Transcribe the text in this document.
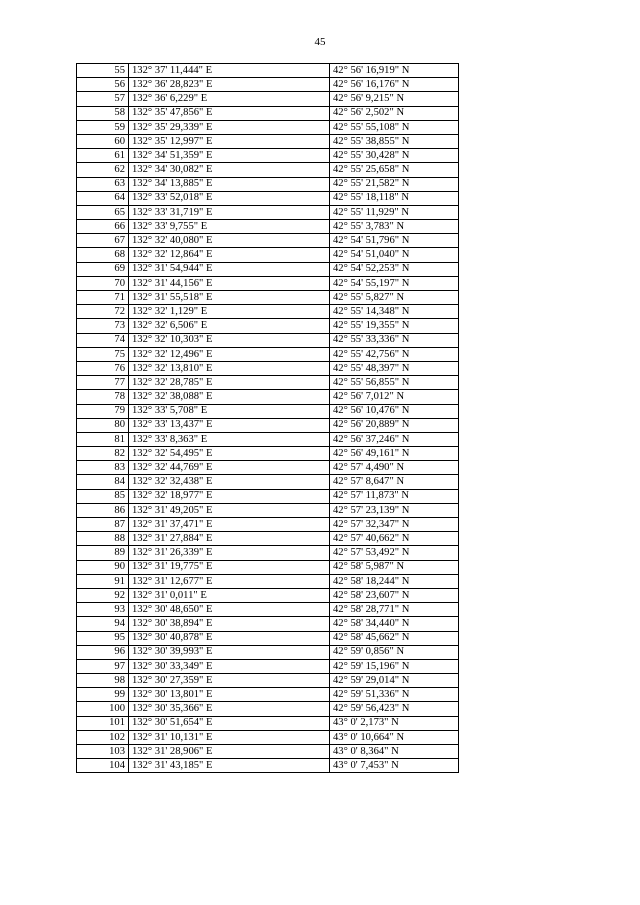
45
55	132° 37' 11,444" E	42° 56' 16,919" N
56	132° 36' 28,823" E	42° 56' 16,176" N
57	132° 36' 6,229" E	42° 56' 9,215" N
58	132° 35' 47,856" E	42° 56' 2,502" N
59	132° 35' 29,339" E	42° 55' 55,108" N
60	132° 35' 12,997" E	42° 55' 38,855" N
61	132° 34' 51,359" E	42° 55' 30,428" N
62	132° 34' 30,082" E	42° 55' 25,658" N
63	132° 34' 13,885" E	42° 55' 21,582" N
64	132° 33' 52,018" E	42° 55' 18,118" N
65	132° 33' 31,719" E	42° 55' 11,929" N
66	132° 33' 9,755" E	42° 55' 3,783" N
67	132° 32' 40,080" E	42° 54' 51,796" N
68	132° 32' 12,864" E	42° 54' 51,040" N
69	132° 31' 54,944" E	42° 54' 52,253" N
70	132° 31' 44,156" E	42° 54' 55,197" N
71	132° 31' 55,518" E	42° 55' 5,827" N
72	132° 32' 1,129" E	42° 55' 14,348" N
73	132° 32' 6,506" E	42° 55' 19,355" N
74	132° 32' 10,303" E	42° 55' 33,336" N
75	132° 32' 12,496" E	42° 55' 42,756" N
76	132° 32' 13,810" E	42° 55' 48,397" N
77	132° 32' 28,785" E	42° 55' 56,855" N
78	132° 32' 38,088" E	42° 56' 7,012" N
79	132° 33' 5,708" E	42° 56' 10,476" N
80	132° 33' 13,437" E	42° 56' 20,889" N
81	132° 33' 8,363" E	42° 56' 37,246" N
82	132° 32' 54,495" E	42° 56' 49,161" N
83	132° 32' 44,769" E	42° 57' 4,490" N
84	132° 32' 32,438" E	42° 57' 8,647" N
85	132° 32' 18,977" E	42° 57' 11,873" N
86	132° 31' 49,205" E	42° 57' 23,139" N
87	132° 31' 37,471" E	42° 57' 32,347" N
88	132° 31' 27,884" E	42° 57' 40,662" N
89	132° 31' 26,339" E	42° 57' 53,492" N
90	132° 31' 19,775" E	42° 58' 5,987" N
91	132° 31' 12,677" E	42° 58' 18,244" N
92	132° 31' 0,011" E	42° 58' 23,607" N
93	132° 30' 48,650" E	42° 58' 28,771" N
94	132° 30' 38,894" E	42° 58' 34,440" N
95	132° 30' 40,878" E	42° 58' 45,662" N
96	132° 30' 39,993" E	42° 59' 0,856" N
97	132° 30' 33,349" E	42° 59' 15,196" N
98	132° 30' 27,359" E	42° 59' 29,014" N
99	132° 30' 13,801" E	42° 59' 51,336" N
100	132° 30' 35,366" E	42° 59' 56,423" N
101	132° 30' 51,654" E	43° 0' 2,173" N
102	132° 31' 10,131" E	43° 0' 10,664" N
103	132° 31' 28,906" E	43° 0' 8,364" N
104	132° 31' 43,185" E	43° 0' 7,453" N
